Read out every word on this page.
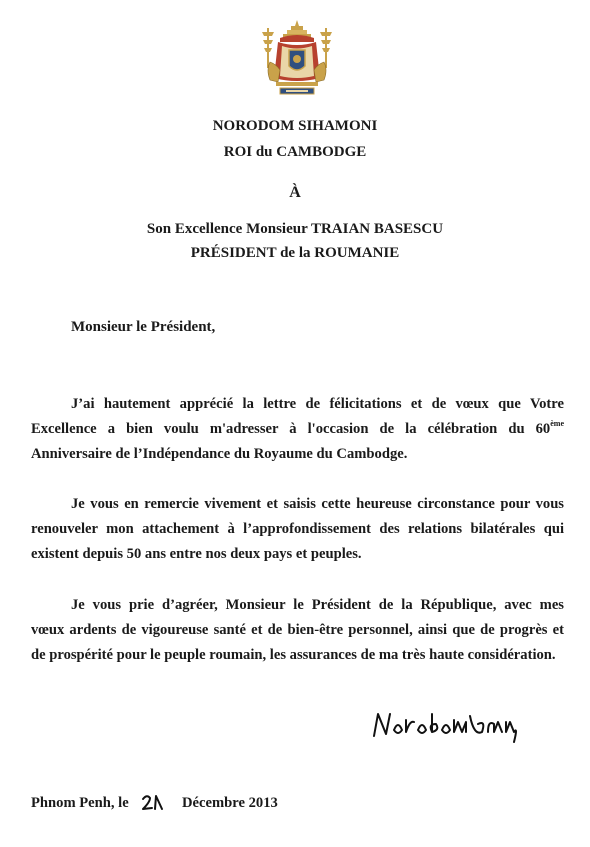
NORODOM SIHAMONI
ROI du CAMBODGE
À
Son Excellence Monsieur TRAIAN BASESCU
PRÉSIDENT de la ROUMANIE
Monsieur le Président,
J’ai hautement apprécié la lettre de félicitations et de vœux que Votre
Excellence a bien voulu m'adresser à l'occasion de la célébration du 60ème
Anniversaire de l’Indépendance du Royaume du Cambodge.
Je vous en remercie vivement et saisis cette heureuse circonstance pour vous
renouveler mon attachement à l’approfondissement des relations bilatérales qui
existent depuis 50 ans entre nos deux pays et peuples.
Je vous prie d’agréer, Monsieur le Président de la République, avec mes
vœux ardents de vigoureuse santé et de bien-être personnel, ainsi que de progrès et
de prospérité pour le peuple roumain, les assurances de ma très haute considération.
Phnom Penh, le	Décembre 2013
